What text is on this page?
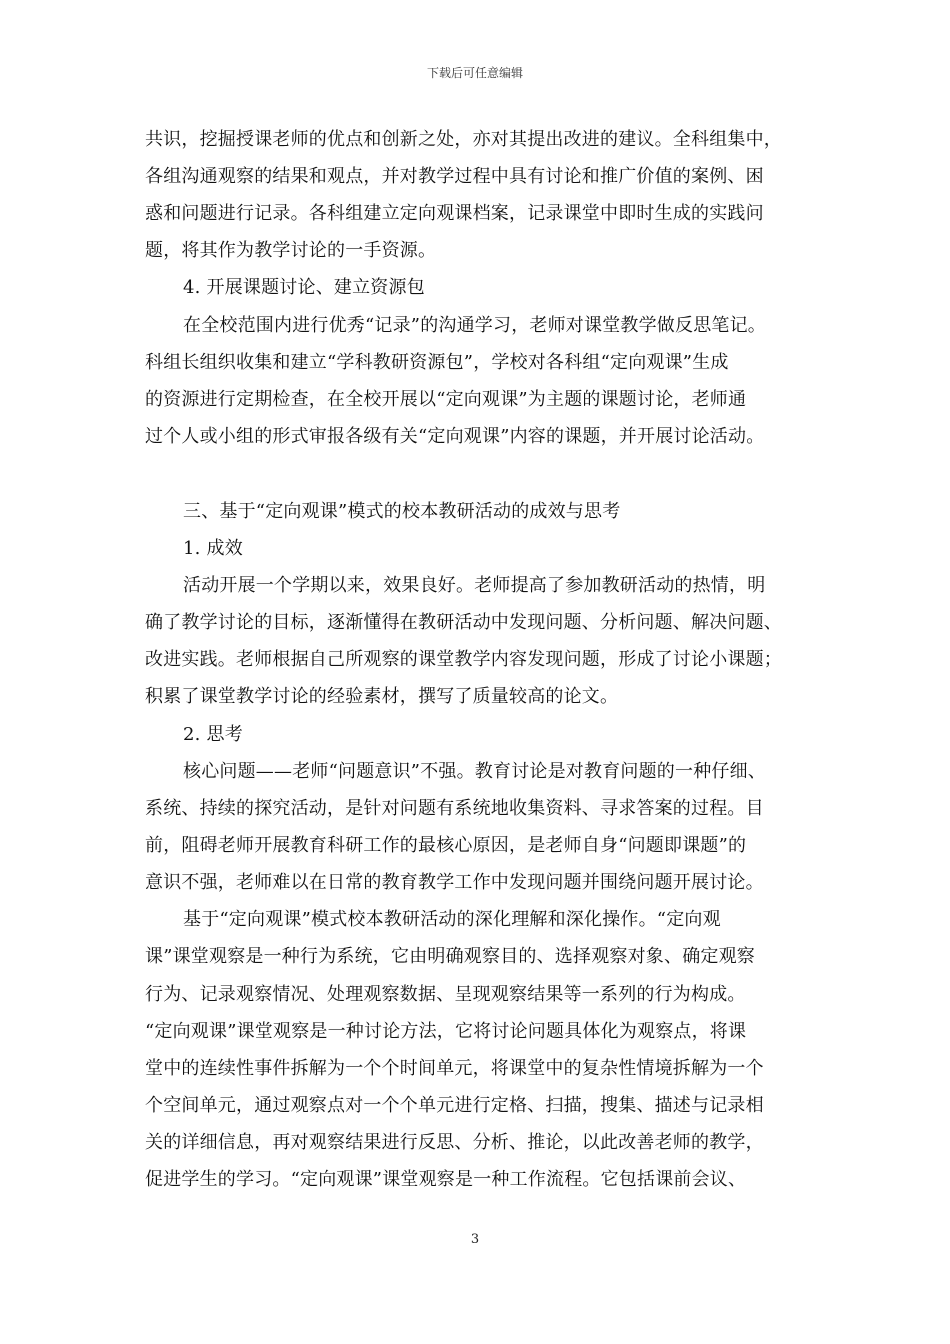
下载后可任意编辑
共识，挖掘授课老师的优点和创新之处，亦对其提出改进的建议。全科组集中，
各组沟通观察的结果和观点，并对教学过程中具有讨论和推广价值的案例、困
惑和问题进行记录。各科组建立定向观课档案，记录课堂中即时生成的实践问
题，将其作为教学讨论的一手资源。
4. 开展课题讨论、建立资源包
在全校范围内进行优秀“记录”的沟通学习，老师对课堂教学做反思笔记。
科组长组织收集和建立“学科教研资源包”，学校对各科组“定向观课”生成
的资源进行定期检查，在全校开展以“定向观课”为主题的课题讨论，老师通
过个人或小组的形式审报各级有关“定向观课”内容的课题，并开展讨论活动。
三、基于“定向观课”模式的校本教研活动的成效与思考
1. 成效
活动开展一个学期以来，效果良好。老师提高了参加教研活动的热情，明
确了教学讨论的目标，逐渐懂得在教研活动中发现问题、分析问题、解决问题、
改进实践。老师根据自己所观察的课堂教学内容发现问题，形成了讨论小课题；
积累了课堂教学讨论的经验素材，撰写了质量较高的论文。
2. 思考
核心问题——老师“问题意识”不强。教育讨论是对教育问题的一种仔细、
系统、持续的探究活动，是针对问题有系统地收集资料、寻求答案的过程。目
前，阻碍老师开展教育科研工作的最核心原因，是老师自身“问题即课题”的
意识不强，老师难以在日常的教育教学工作中发现问题并围绕问题开展讨论。
基于“定向观课”模式校本教研活动的深化理解和深化操作。“定向观
课”课堂观察是一种行为系统，它由明确观察目的、选择观察对象、确定观察
行为、记录观察情况、处理观察数据、呈现观察结果等一系列的行为构成。
“定向观课”课堂观察是一种讨论方法，它将讨论问题具体化为观察点，将课
堂中的连续性事件拆解为一个个时间单元，将课堂中的复杂性情境拆解为一个
个空间单元，通过观察点对一个个单元进行定格、扫描，搜集、描述与记录相
关的详细信息，再对观察结果进行反思、分析、推论，以此改善老师的教学，
促进学生的学习。“定向观课”课堂观察是一种工作流程。它包括课前会议、
3
